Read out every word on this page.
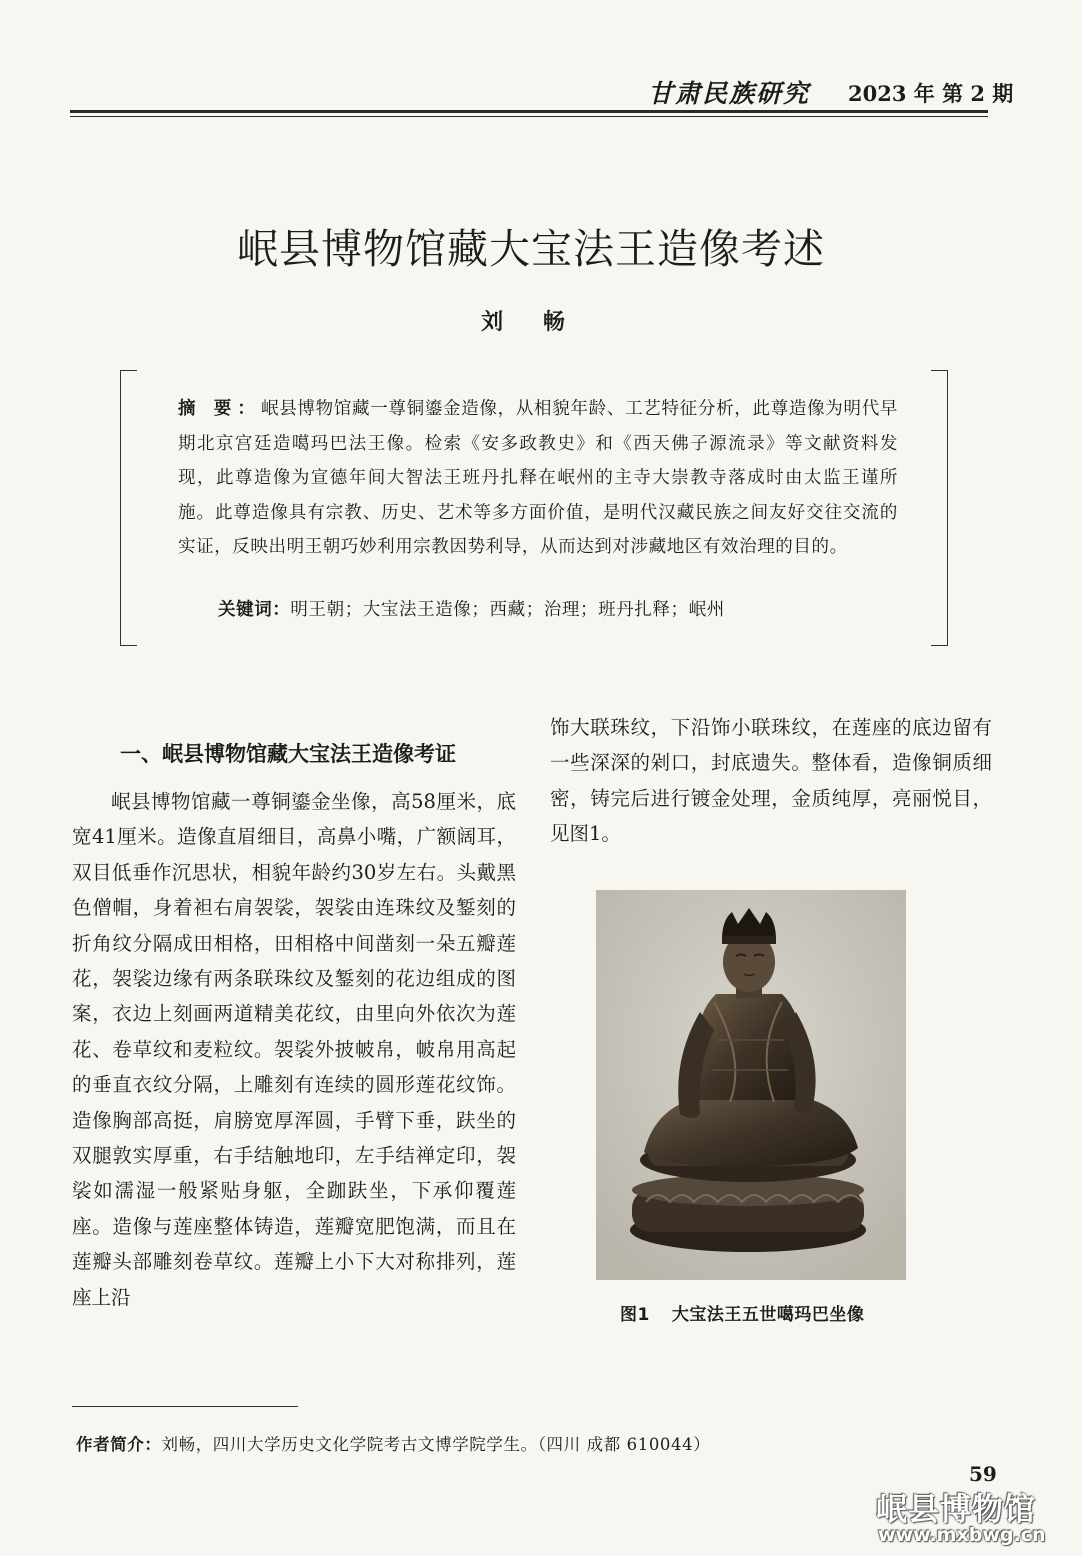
甘肃民族研究 2023 年 第 2 期
岷县博物馆藏大宝法王造像考述
刘 畅
摘 要：岷县博物馆藏一尊铜鎏金造像，从相貌年龄、工艺特征分析，此尊造像为明代早期北京宫廷造噶玛巴法王像。检索《安多政教史》和《西天佛子源流录》等文献资料发现，此尊造像为宣德年间大智法王班丹扎释在岷州的主寺大崇教寺落成时由太监王谨所施。此尊造像具有宗教、历史、艺术等多方面价值，是明代汉藏民族之间友好交往交流的实证，反映出明王朝巧妙利用宗教因势利导，从而达到对涉藏地区有效治理的目的。
关键词：明王朝；大宝法王造像；西藏；治理；班丹扎释；岷州
一、岷县博物馆藏大宝法王造像考证

岷县博物馆藏一尊铜鎏金坐像，高58厘米，底宽41厘米。造像直眉细目，高鼻小嘴，广额阔耳，双目低垂作沉思状，相貌年龄约30岁左右。头戴黑色僧帽，身着袒右肩袈裟，袈裟由连珠纹及錾刻的折角纹分隔成田相格，田相格中间凿刻一朵五瓣莲花，袈裟边缘有两条联珠纹及錾刻的花边组成的图案，衣边上刻画两道精美花纹，由里向外依次为莲花、卷草纹和麦粒纹。袈裟外披帔帛，帔帛用高起的垂直衣纹分隔，上雕刻有连续的圆形莲花纹饰。造像胸部高挺，肩膀宽厚浑圆，手臂下垂，趺坐的双腿敦实厚重，右手结触地印，左手结禅定印，袈裟如濡湿一般紧贴身躯，全跏趺坐，下承仰覆莲座。造像与莲座整体铸造，莲瓣宽肥饱满，而且在莲瓣头部雕刻卷草纹。莲瓣上小下大对称排列，莲座上沿

饰大联珠纹，下沿饰小联珠纹，在莲座的底边留有一些深深的剁口，封底遗失。整体看，造像铜质细密，铸完后进行镀金处理，金质纯厚，亮丽悦目，见图1。

图1 大宝法王五世噶玛巴坐像
作者简介：刘畅，四川大学历史文化学院考古文博学院学生。（四川 成都 610044）
59
岷县博物馆
www.mxbwg.cn
